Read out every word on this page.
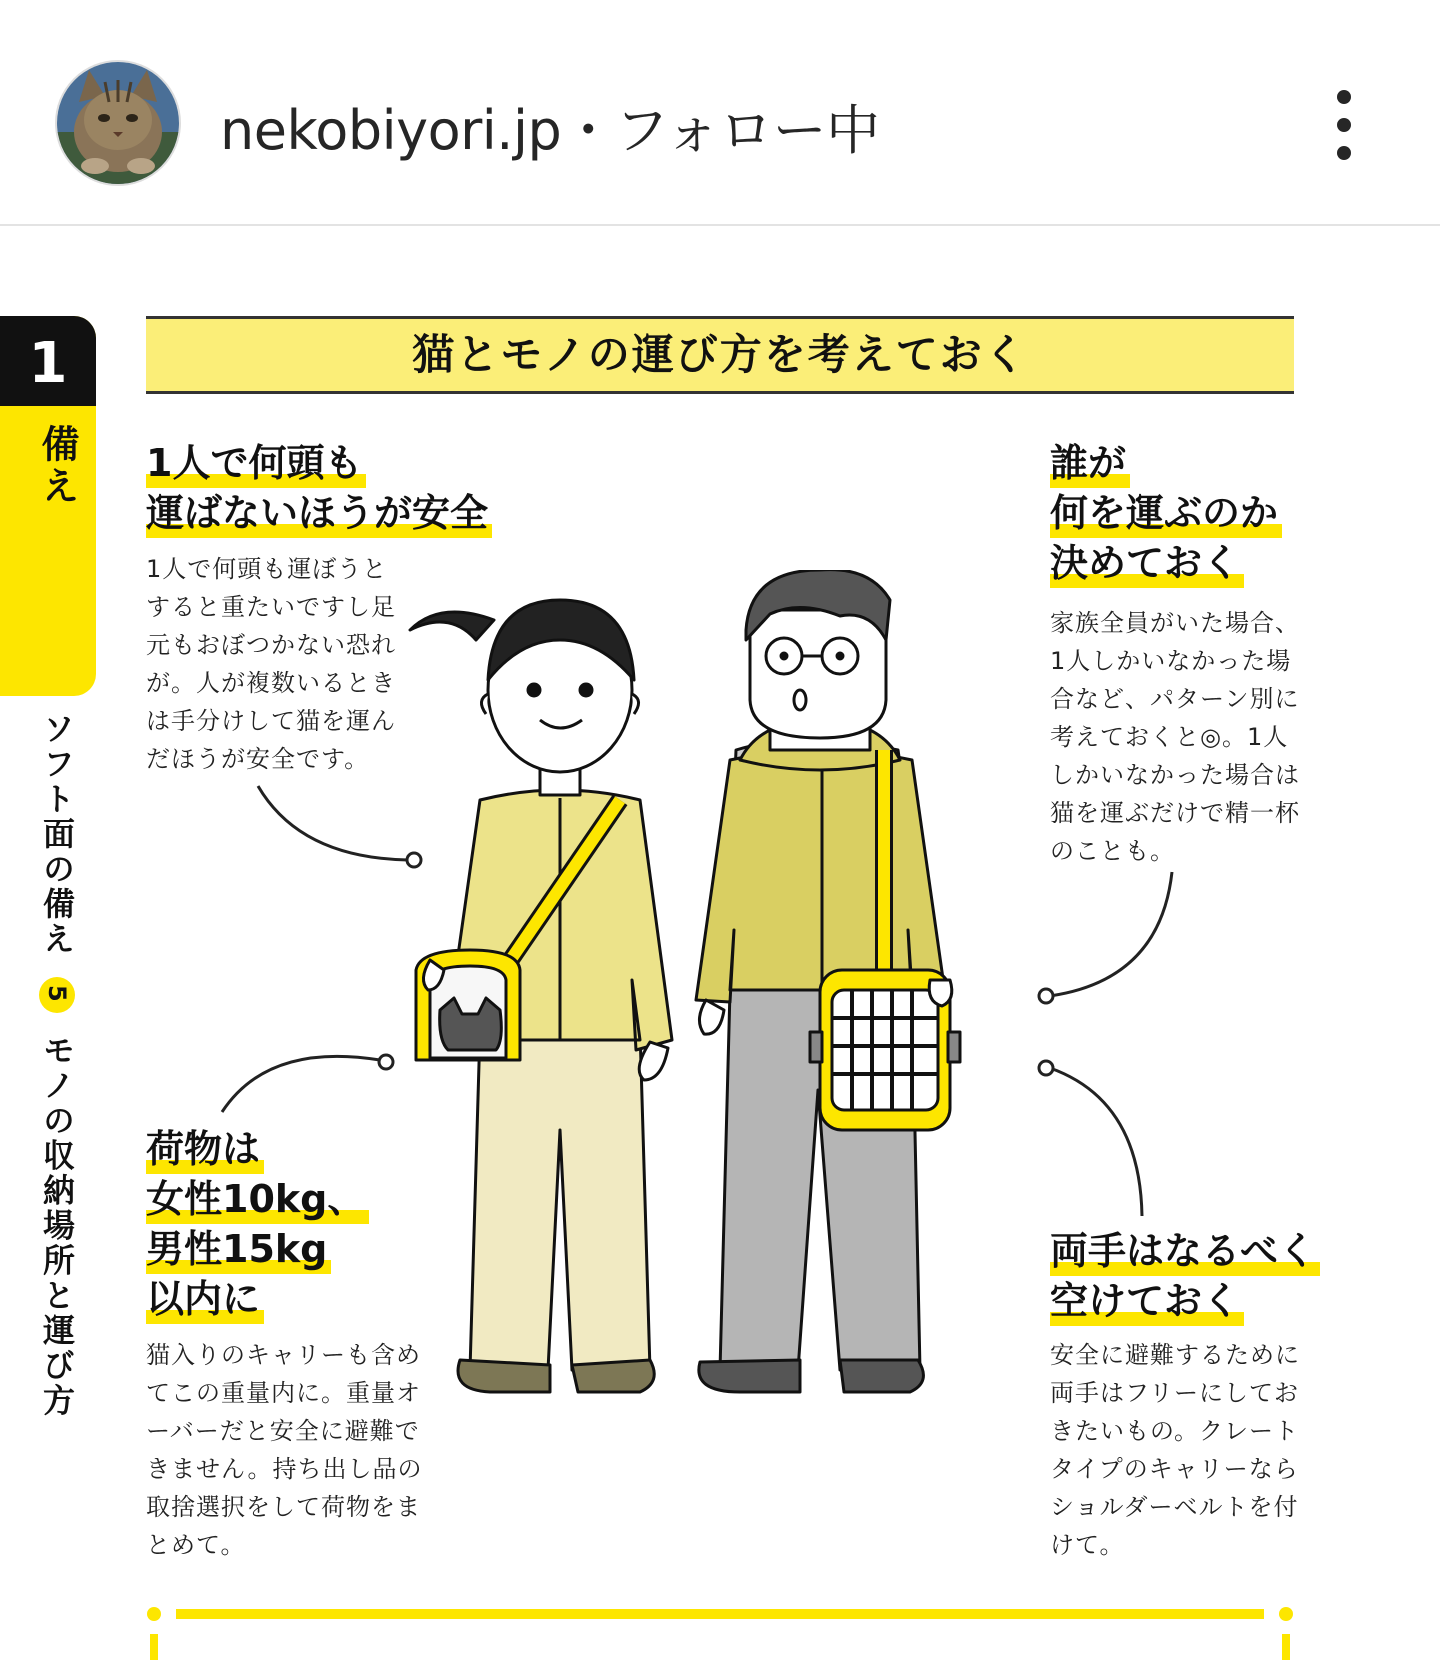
nekobiyori.jp・フォロー中
1
備え
ソフト面の備え 5 モノの収納場所と運び方
猫とモノの運び方を考えておく
1人で何頭も
運ばないほうが安全
1人で何頭も運ぼうと
すると重たいですし足
元もおぼつかない恐れ
が。人が複数いるとき
は手分けして猫を運ん
だほうが安全です。
誰が
何を運ぶのか
決めておく
家族全員がいた場合、
1人しかいなかった場
合など、パターン別に
考えておくと◎。1人
しかいなかった場合は
猫を運ぶだけで精一杯
のことも。
荷物は
女性10kg、
男性15kg
以内に
猫入りのキャリーも含め
てこの重量内に。重量オ
ーバーだと安全に避難で
きません。持ち出し品の
取捨選択をして荷物をま
とめて。
両手はなるべく
空けておく
安全に避難するために
両手はフリーにしてお
きたいもの。クレート
タイプのキャリーなら
ショルダーベルトを付
けて。
